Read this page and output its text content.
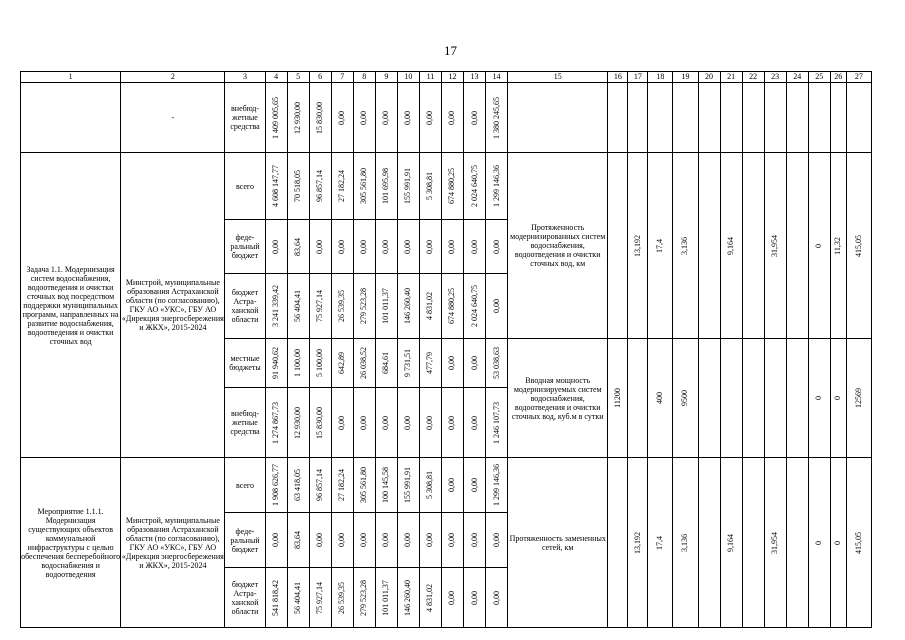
17
1	2	3	4	5	6	7	8	9	10	11	12	13	14	15	16	17	18	19	20	21	22	23	24	25	26	27
	-	внебюд-жетные средства	1 409 005,65	12 930,00	15 830,00	0,00	0,00	0,00	0,00	0,00	0,00	0,00	1 380 245,65													

Задача 1.1. Модернизация систем водоснабжения, водоотведения и очистки сточных вод посредством поддержки муниципальных программ, направленных на развитие водоснабжения, водоотведения и очистки сточных вод	Минстрой, муниципальные образования Астраханской области (по согласованию), ГКУ АО «УКС», ГБУ АО «Дирекция энергосбережения и ЖКХ», 2015-2024	всего	4 608 147,77	70 518,05	96 857,14	27 182,24	305 561,80	101 695,98	155 991,91	5 308,81	674 880,25	2 024 640,75	1 299 146,36	Протяженность модернизированных систем водоснабжения, водоотведения и очистки сточных вод, км		13,192	17,4	3,136		9,164		31,954		0	11,32	415,05

		феде-ральный бюджет	0,00	83,64	0,00	0,00	0,00	0,00	0,00	0,00	0,00	0,00	0,00													

		бюджет Астра-ханской области	3 241 339,42	56 404,41	75 927,14	26 539,35	279 523,28	101 011,37	146 260,40	4 831,02	674 880,25	2 024 640,75	0,00													

		местные бюджеты	91 940,62	1 100,00	5 100,00	642,89	26 038,52	684,61	9 731,51	477,79	0,00	0,00	53 038,63	Вводная мощность модернизируемых систем водоснабжения, водоотведения и очистки сточных вод, куб.м в сутки	11200		400	9500						0	0	12569

		внебюд-жетные средства	1 274 867,73	12 930,00	15 830,00	0,00	0,00	0,00	0,00	0,00	0,00	0,00	1 246 107,73													

Мероприятие 1.1.1. Модернизация существующих объектов коммунальной инфраструктуры с целью обеспечения бесперебойного водоснабжения и водоотведения	Минстрой, муниципальные образования Астраханской области (по согласованию), ГКУ АО «УКС», ГБУ АО «Дирекция энергосбережения и ЖКХ», 2015-2024	всего	1 908 626,77	63 418,05	96 857,14	27 182,24	305 561,80	100 145,58	155 991,91	5 308,81	0,00	0,00	1 299 146,36	Протяженность замененных сетей, км		13,192	17,4	3,136		9,164		31,954		0	0	415,05

		феде-ральный бюджет	0,00	83,64	0,00	0,00	0,00	0,00	0,00	0,00	0,00	0,00	0,00													

		бюджет Астра-ханской области	541 818,42	56 404,41	75 927,14	26 539,35	279 523,28	101 011,37	146 260,40	4 831,02	0,00	0,00	0,00													
